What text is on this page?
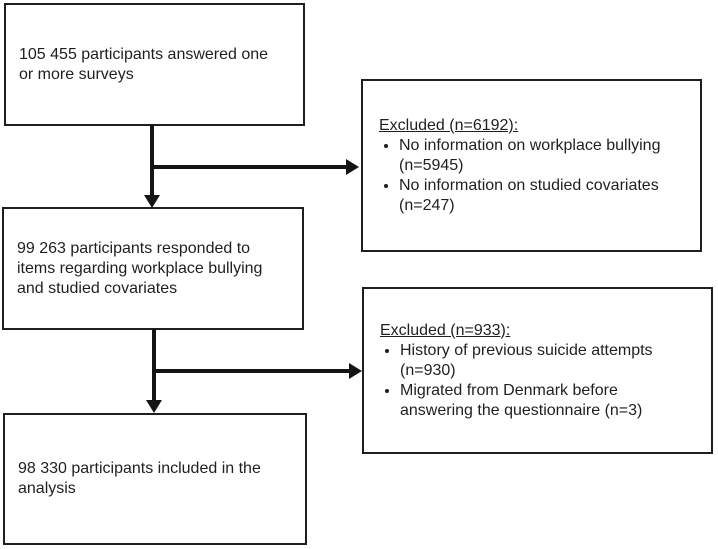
105 455 participants answered one
or more surveys
99 263 participants responded to
items regarding workplace bullying
and studied covariates
98 330 participants included in the
analysis
Excluded (n=6192):
• No information on workplace bullying
(n=5945)
• No information on studied covariates
(n=247)
Excluded (n=933):
• History of previous suicide attempts
(n=930)
• Migrated from Denmark before
answering the questionnaire (n=3)
